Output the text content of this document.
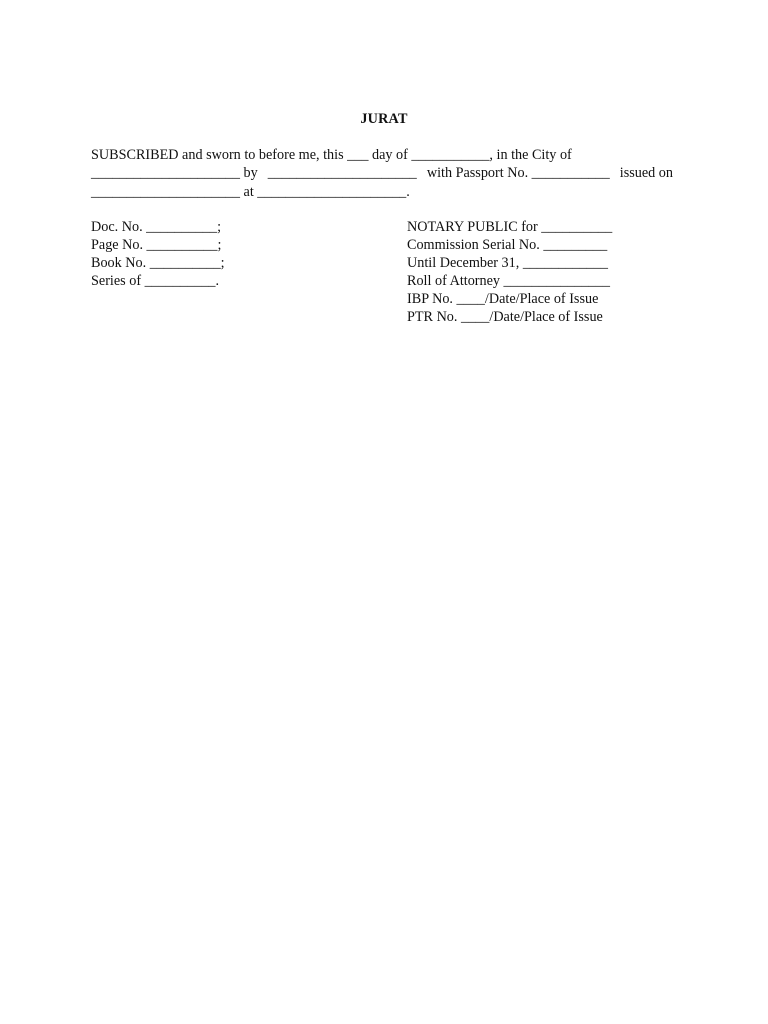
JURAT
SUBSCRIBED and sworn to before me, this ___ day of ___________, in the City of
_____________________ by _____________________ with Passport No. ___________ issued on
_____________________ at _____________________.
Doc. No. __________;
Page No. __________;
Book No. __________;
Series of __________.
NOTARY PUBLIC for __________
Commission Serial No. _________
Until December 31, ____________
Roll of Attorney _______________
IBP No. ____/Date/Place of Issue
PTR No. ____/Date/Place of Issue
